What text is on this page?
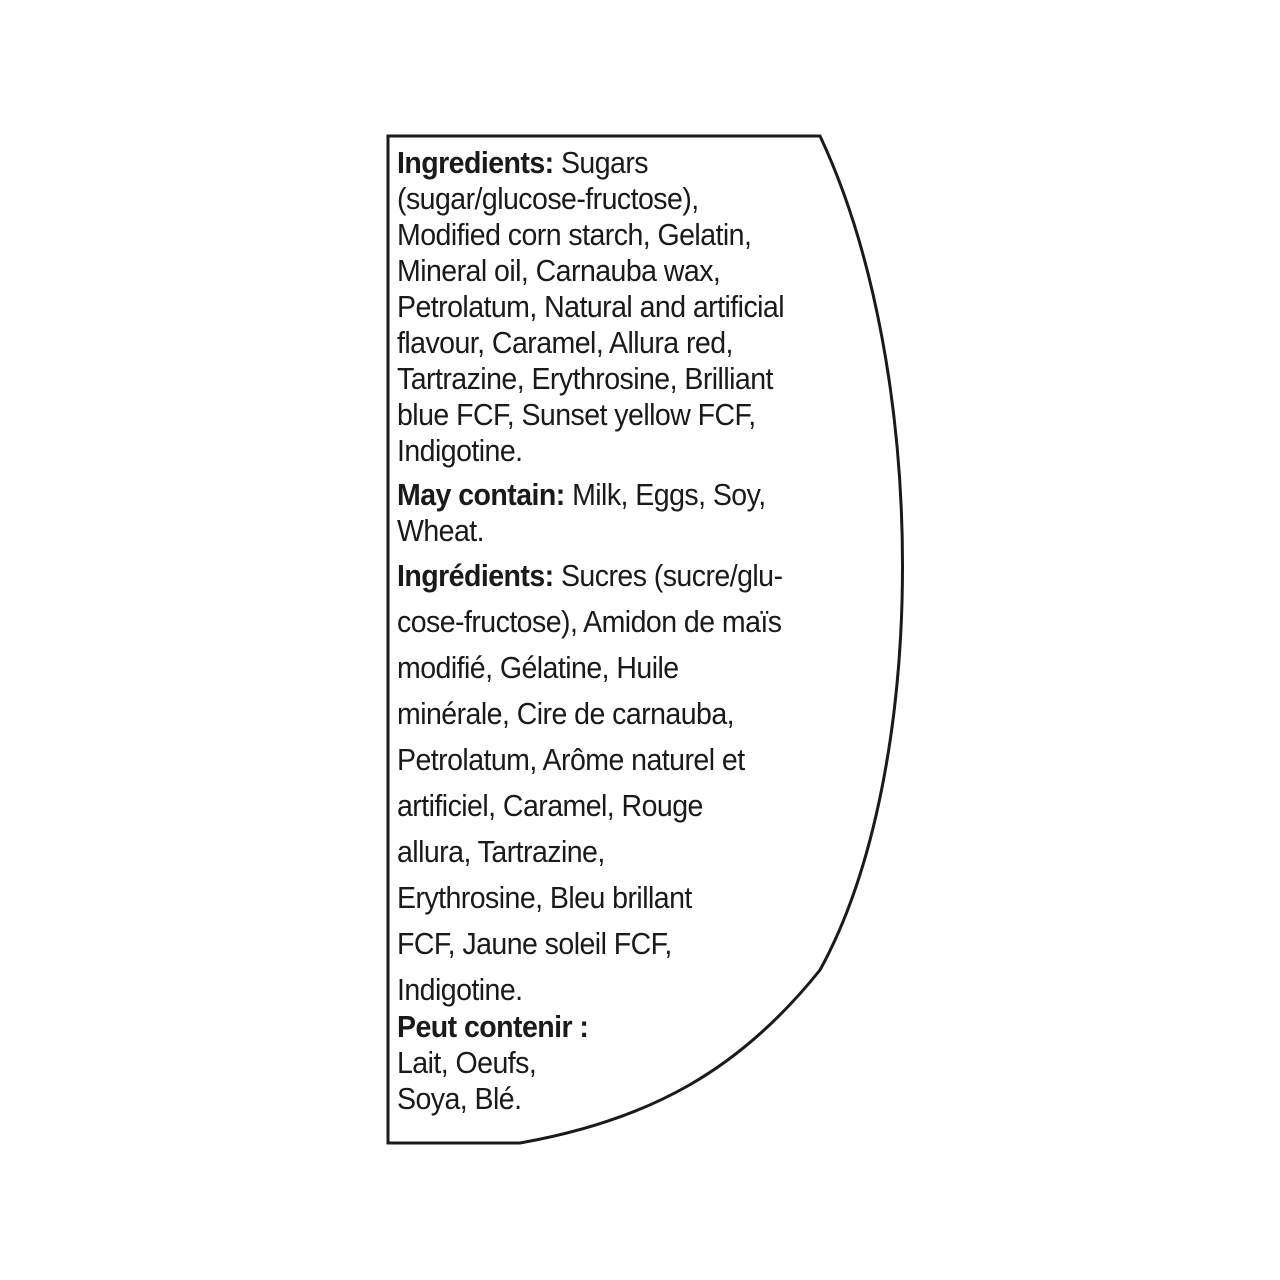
Ingredients: Sugars
(sugar/glucose-fructose),
Modified corn starch, Gelatin,
Mineral oil, Carnauba wax,
Petrolatum, Natural and artificial
flavour, Caramel, Allura red,
Tartrazine, Erythrosine, Brilliant
blue FCF, Sunset yellow FCF,
Indigotine.
May contain: Milk, Eggs, Soy,
Wheat.
Ingrédients: Sucres (sucre/glu-
cose-fructose), Amidon de maïs
modifié, Gélatine, Huile
minérale, Cire de carnauba,
Petrolatum, Arôme naturel et
artificiel, Caramel, Rouge
allura, Tartrazine,
Erythrosine, Bleu brillant
FCF, Jaune soleil FCF,
Indigotine.
Peut contenir :
Lait, Oeufs,
Soya, Blé.
